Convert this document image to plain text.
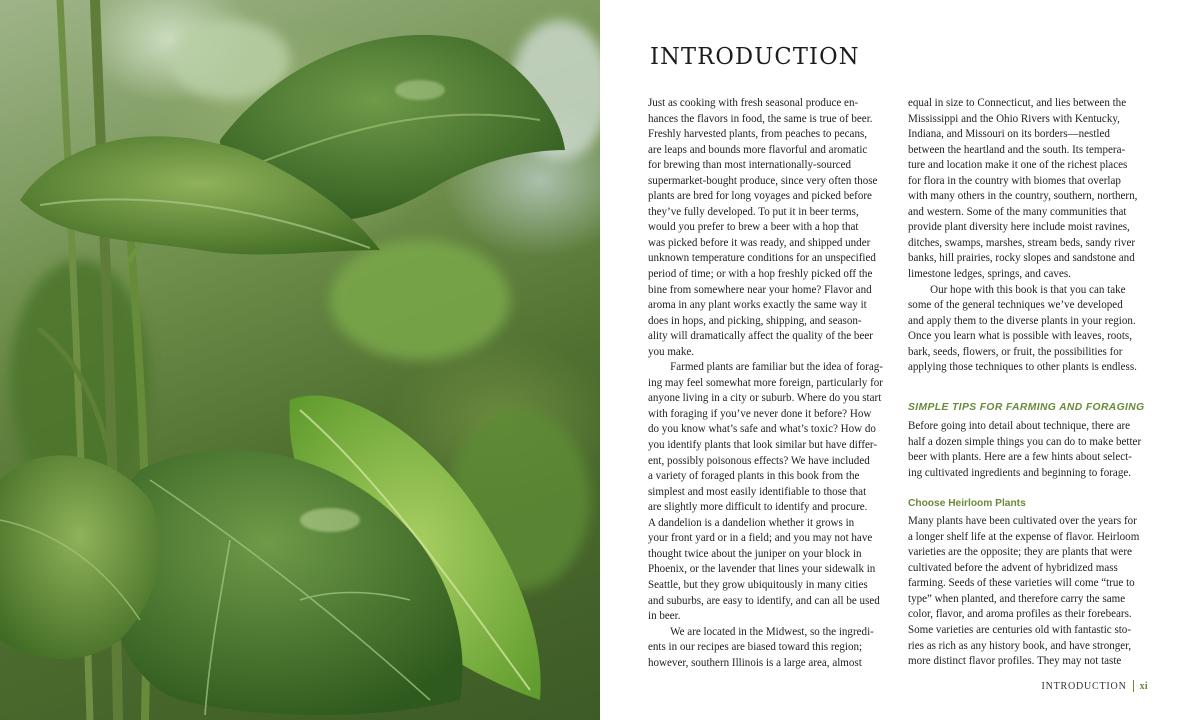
INTRODUCTION
Just as cooking with fresh seasonal produce en-
hances the flavors in food, the same is true of beer.
Freshly harvested plants, from peaches to pecans,
are leaps and bounds more flavorful and aromatic
for brewing than most internationally-sourced
supermarket-bought produce, since very often those
plants are bred for long voyages and picked before
they’ve fully developed. To put it in beer terms,
would you prefer to brew a beer with a hop that
was picked before it was ready, and shipped under
unknown temperature conditions for an unspecified
period of time; or with a hop freshly picked off the
bine from somewhere near your home? Flavor and
aroma in any plant works exactly the same way it
does in hops, and picking, shipping, and season-
ality will dramatically affect the quality of the beer
you make.
  Farmed plants are familiar but the idea of forag-
ing may feel somewhat more foreign, particularly for
anyone living in a city or suburb. Where do you start
with foraging if you’ve never done it before? How
do you know what’s safe and what’s toxic? How do
you identify plants that look similar but have differ-
ent, possibly poisonous effects? We have included
a variety of foraged plants in this book from the
simplest and most easily identifiable to those that
are slightly more difficult to identify and procure.
A dandelion is a dandelion whether it grows in
your front yard or in a field; and you may not have
thought twice about the juniper on your block in
Phoenix, or the lavender that lines your sidewalk in
Seattle, but they grow ubiquitously in many cities
and suburbs, are easy to identify, and can all be used
in beer.
  We are located in the Midwest, so the ingredi-
ents in our recipes are biased toward this region;
however, southern Illinois is a large area, almost
equal in size to Connecticut, and lies between the
Mississippi and the Ohio Rivers with Kentucky,
Indiana, and Missouri on its borders—nestled
between the heartland and the south. Its tempera-
ture and location make it one of the richest places
for flora in the country with biomes that overlap
with many others in the country, southern, northern,
and western. Some of the many communities that
provide plant diversity here include moist ravines,
ditches, swamps, marshes, stream beds, sandy river
banks, hill prairies, rocky slopes and sandstone and
limestone ledges, springs, and caves.
  Our hope with this book is that you can take
some of the general techniques we’ve developed
and apply them to the diverse plants in your region.
Once you learn what is possible with leaves, roots,
bark, seeds, flowers, or fruit, the possibilities for
applying those techniques to other plants is endless.
SIMPLE TIPS FOR FARMING AND FORAGING
Before going into detail about technique, there are
half a dozen simple things you can do to make better
beer with plants. Here are a few hints about select-
ing cultivated ingredients and beginning to forage.
Choose Heirloom Plants
Many plants have been cultivated over the years for
a longer shelf life at the expense of flavor. Heirloom
varieties are the opposite; they are plants that were
cultivated before the advent of hybridized mass
farming. Seeds of these varieties will come “true to
type” when planted, and therefore carry the same
color, flavor, and aroma profiles as their forebears.
Some varieties are centuries old with fantastic sto-
ries as rich as any history book, and have stronger,
more distinct flavor profiles. They may not taste
INTRODUCTION xi
